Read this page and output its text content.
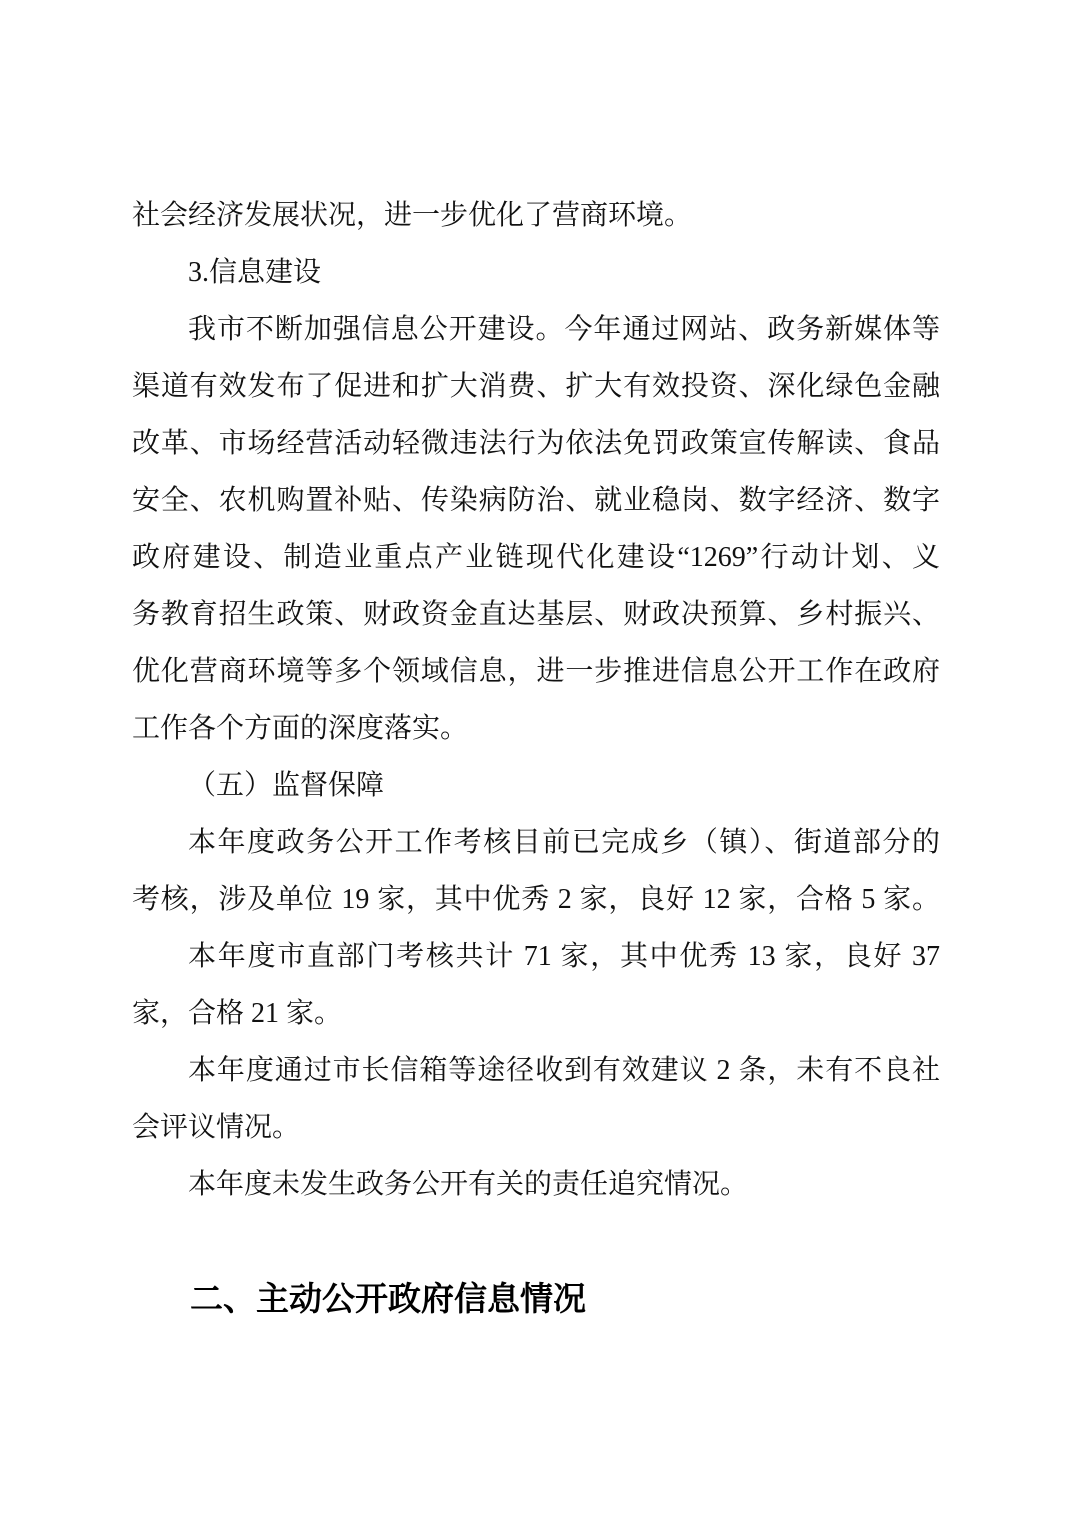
社会经济发展状况，进一步优化了营商环境。
3.信息建设
我市不断加强信息公开建设。今年通过网站、政务新媒体等
渠道有效发布了促进和扩大消费、扩大有效投资、深化绿色金融
改革、市场经营活动轻微违法行为依法免罚政策宣传解读、食品
安全、农机购置补贴、传染病防治、就业稳岗、数字经济、数字
政府建设、制造业重点产业链现代化建设“1269”行动计划、义
务教育招生政策、财政资金直达基层、财政决预算、乡村振兴、
优化营商环境等多个领域信息，进一步推进信息公开工作在政府
工作各个方面的深度落实。
（五）监督保障
本年度政务公开工作考核目前已完成乡（镇）、街道部分的
考核，涉及单位 19 家，其中优秀 2 家，良好 12 家，合格 5 家。
本年度市直部门考核共计 71 家，其中优秀 13 家，良好 37
家，合格 21 家。
本年度通过市长信箱等途径收到有效建议 2 条，未有不良社
会评议情况。
本年度未发生政务公开有关的责任追究情况。
二、主动公开政府信息情况
